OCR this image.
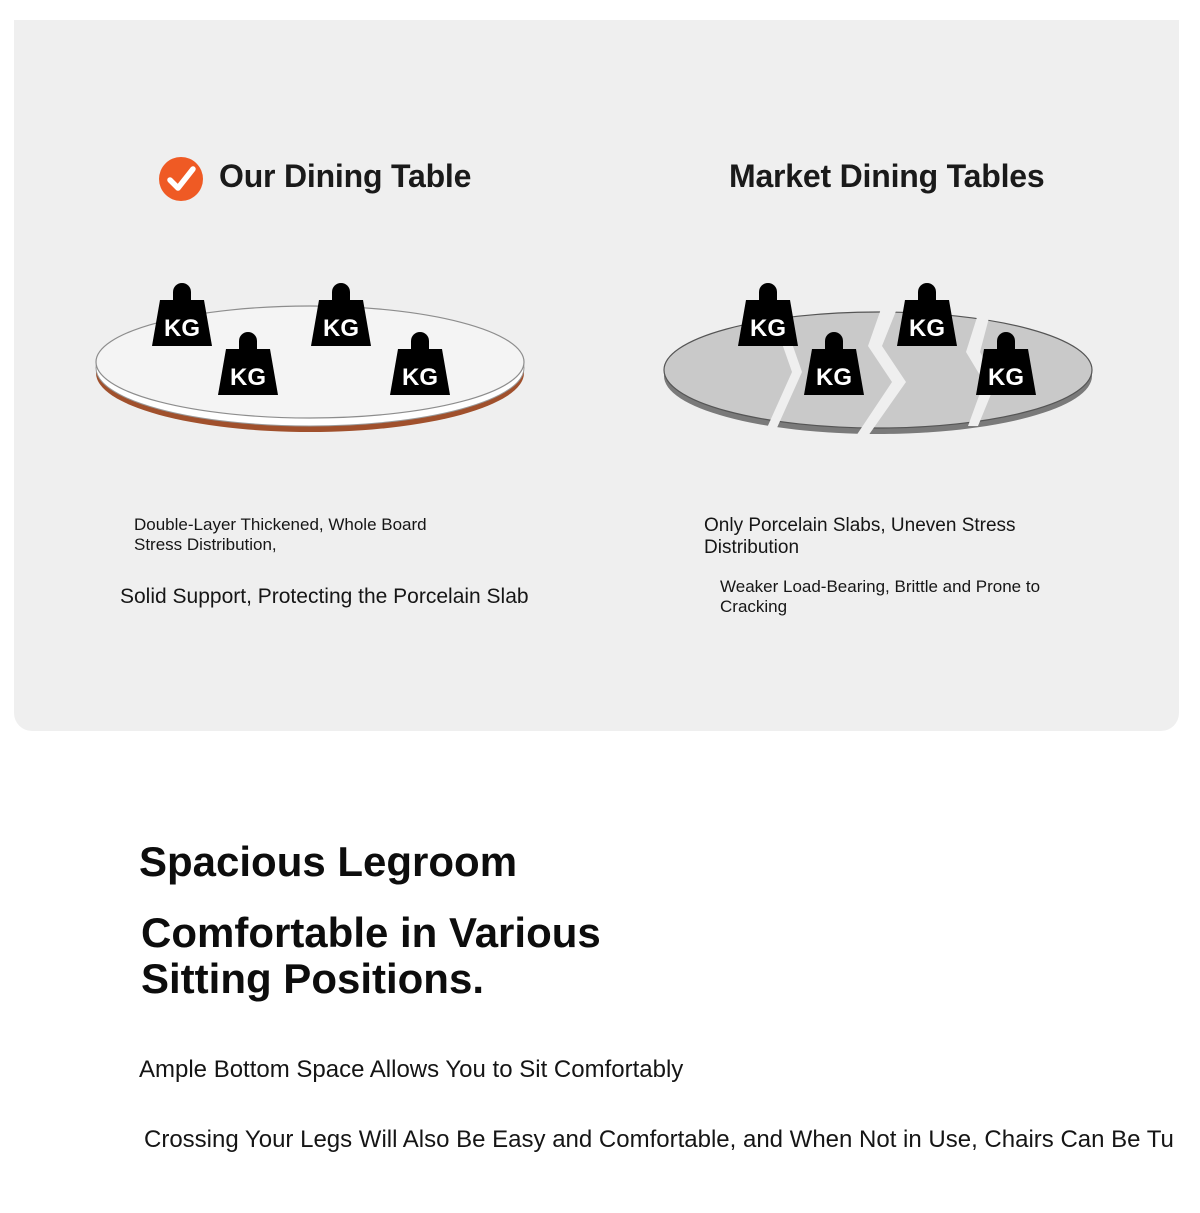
Our Dining Table	Market Dining Tables
KG	KG
KG	KG
KG	KG
KG	KG
Double-Layer Thickened, Whole Board Stress Distribution,
Solid Support, Protecting the Porcelain Slab
Only Porcelain Slabs, Uneven Stress Distribution
Weaker Load-Bearing, Brittle and Prone to Cracking
Spacious Legroom
Comfortable in Various Sitting Positions.
Ample Bottom Space Allows You to Sit Comfortably
Crossing Your Legs Will Also Be Easy and Comfortable, and When Not in Use, Chairs Can Be Tu
